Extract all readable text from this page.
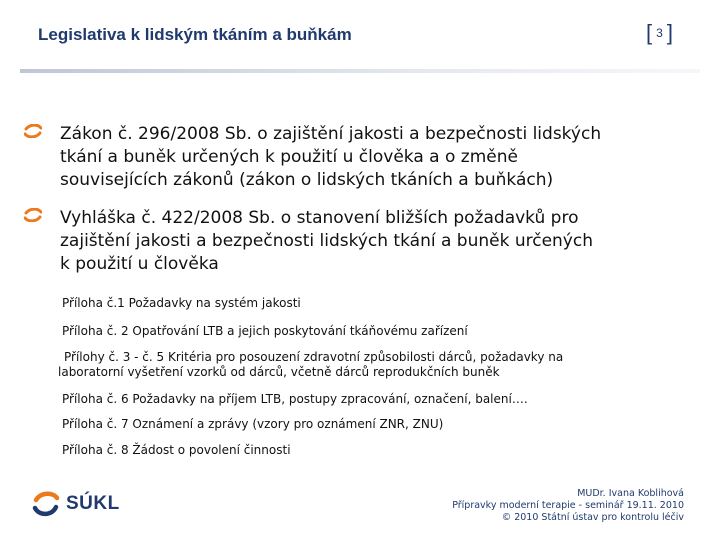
Legislativa k lidským tkáním a buňkám	[ 3 ]
Zákon č. 296/2008 Sb. o zajištění jakosti a bezpečnosti lidských
tkání a buněk určených k použití u člověka a o změně
souvisejících zákonů (zákon o lidských tkáních a buňkách)
Vyhláška č. 422/2008 Sb. o stanovení bližších požadavků pro
zajištění jakosti a bezpečnosti lidských tkání a buněk určených
k použití u člověka
Příloha č.1 Požadavky na systém jakosti
Příloha č. 2 Opatřování LTB a jejich poskytování tkáňovému zařízení
Přílohy č. 3 - č. 5 Kritéria pro posouzení zdravotní způsobilosti dárců, požadavky na
laboratorní vyšetření vzorků od dárců, včetně dárců reprodukčních buněk
Příloha č. 6 Požadavky na příjem LTB, postupy zpracování, označení, balení….
Příloha č. 7 Oznámení a zprávy (vzory pro oznámení ZNR, ZNU)
Příloha č. 8 Žádost o povolení činnosti
SÚKL	MUDr. Ivana Koblihová
Přípravky moderní terapie - seminář 19.11. 2010
© 2010 Státní ústav pro kontrolu léčiv
